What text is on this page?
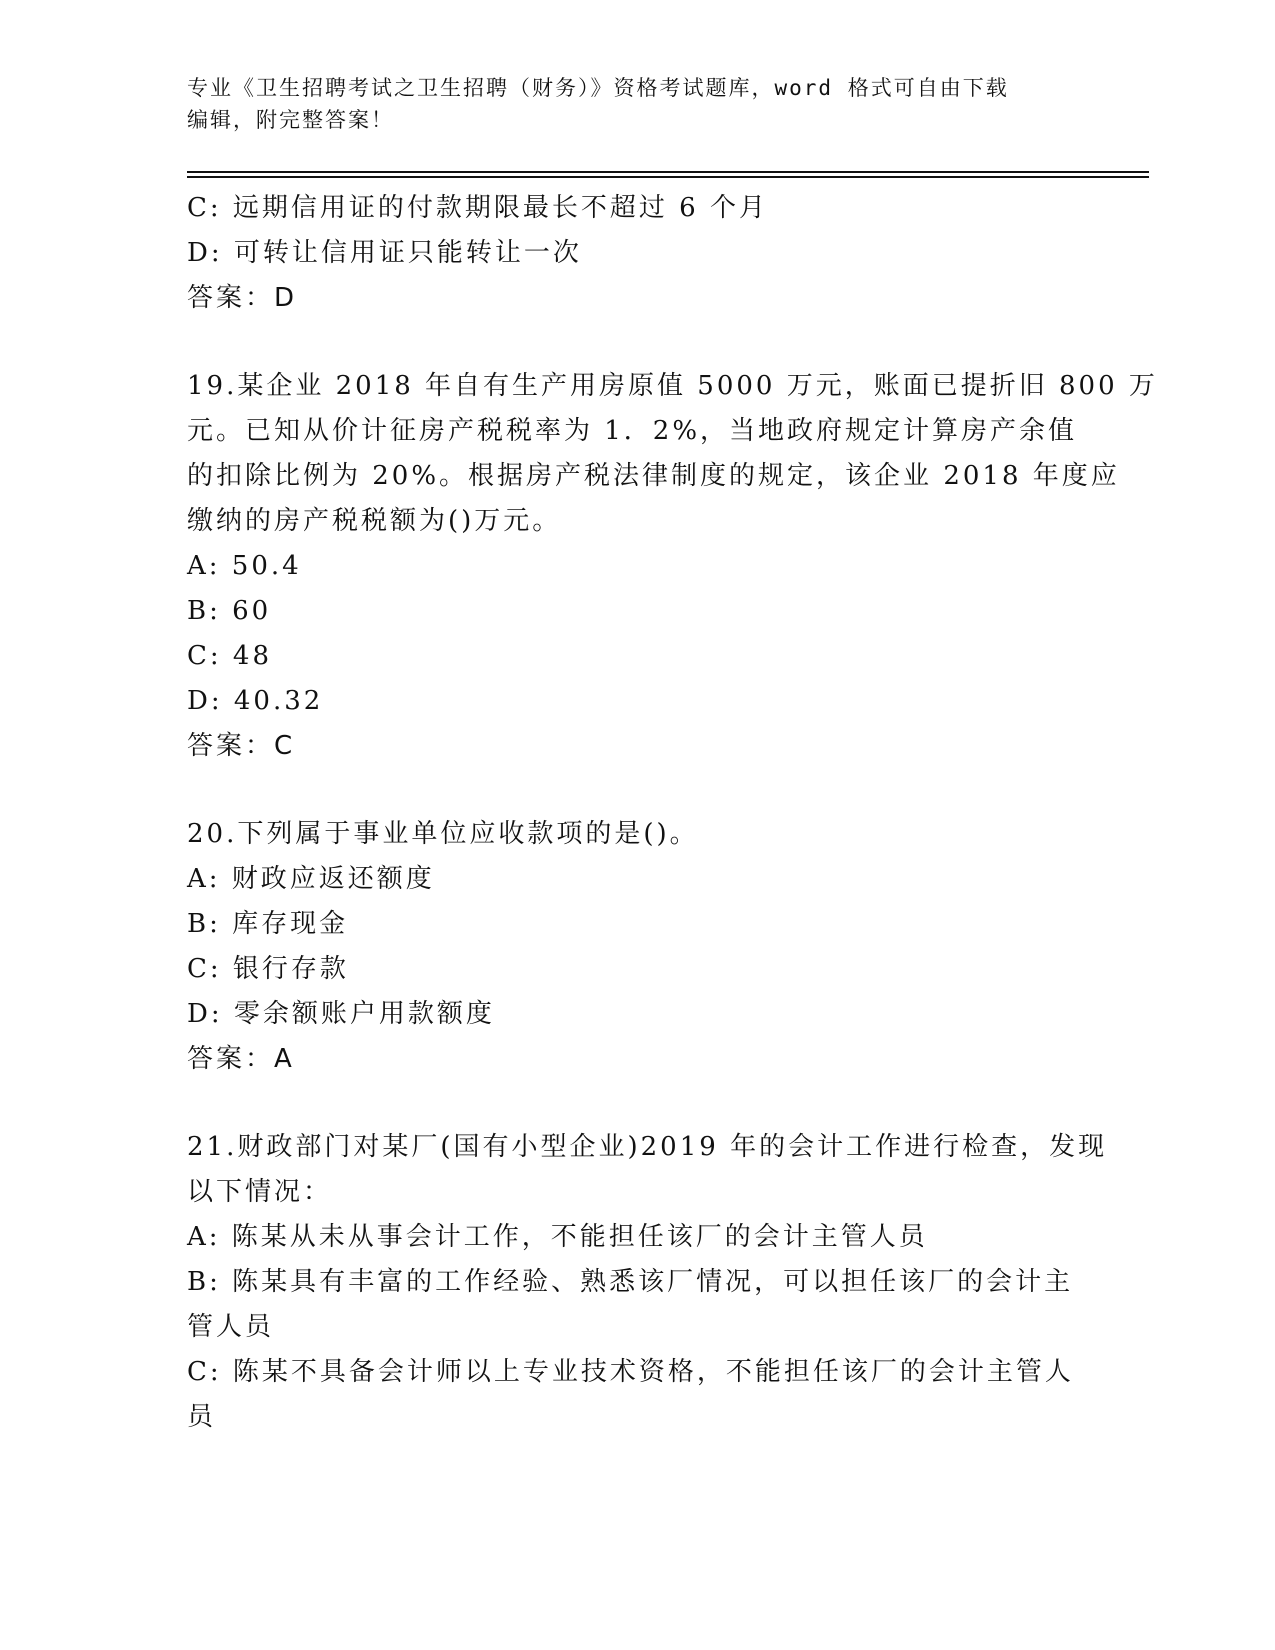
专业《卫生招聘考试之卫生招聘（财务）》资格考试题库，word 格式可自由下载
编辑，附完整答案！
C: 远期信用证的付款期限最长不超过 6 个月
D: 可转让信用证只能转让一次
答案：D
19.某企业 2018 年自有生产用房原值 5000 万元，账面已提折旧 800 万
元。已知从价计征房产税税率为 1．2%，当地政府规定计算房产余值
的扣除比例为 20%。根据房产税法律制度的规定，该企业 2018 年度应
缴纳的房产税税额为()万元。
A: 50.4
B: 60
C: 48
D: 40.32
答案：C
20.下列属于事业单位应收款项的是()。
A: 财政应返还额度
B: 库存现金
C: 银行存款
D: 零余额账户用款额度
答案：A
21.财政部门对某厂(国有小型企业)2019 年的会计工作进行检查，发现
以下情况：
A: 陈某从未从事会计工作，不能担任该厂的会计主管人员
B: 陈某具有丰富的工作经验、熟悉该厂情况，可以担任该厂的会计主
管人员
C: 陈某不具备会计师以上专业技术资格，不能担任该厂的会计主管人
员
